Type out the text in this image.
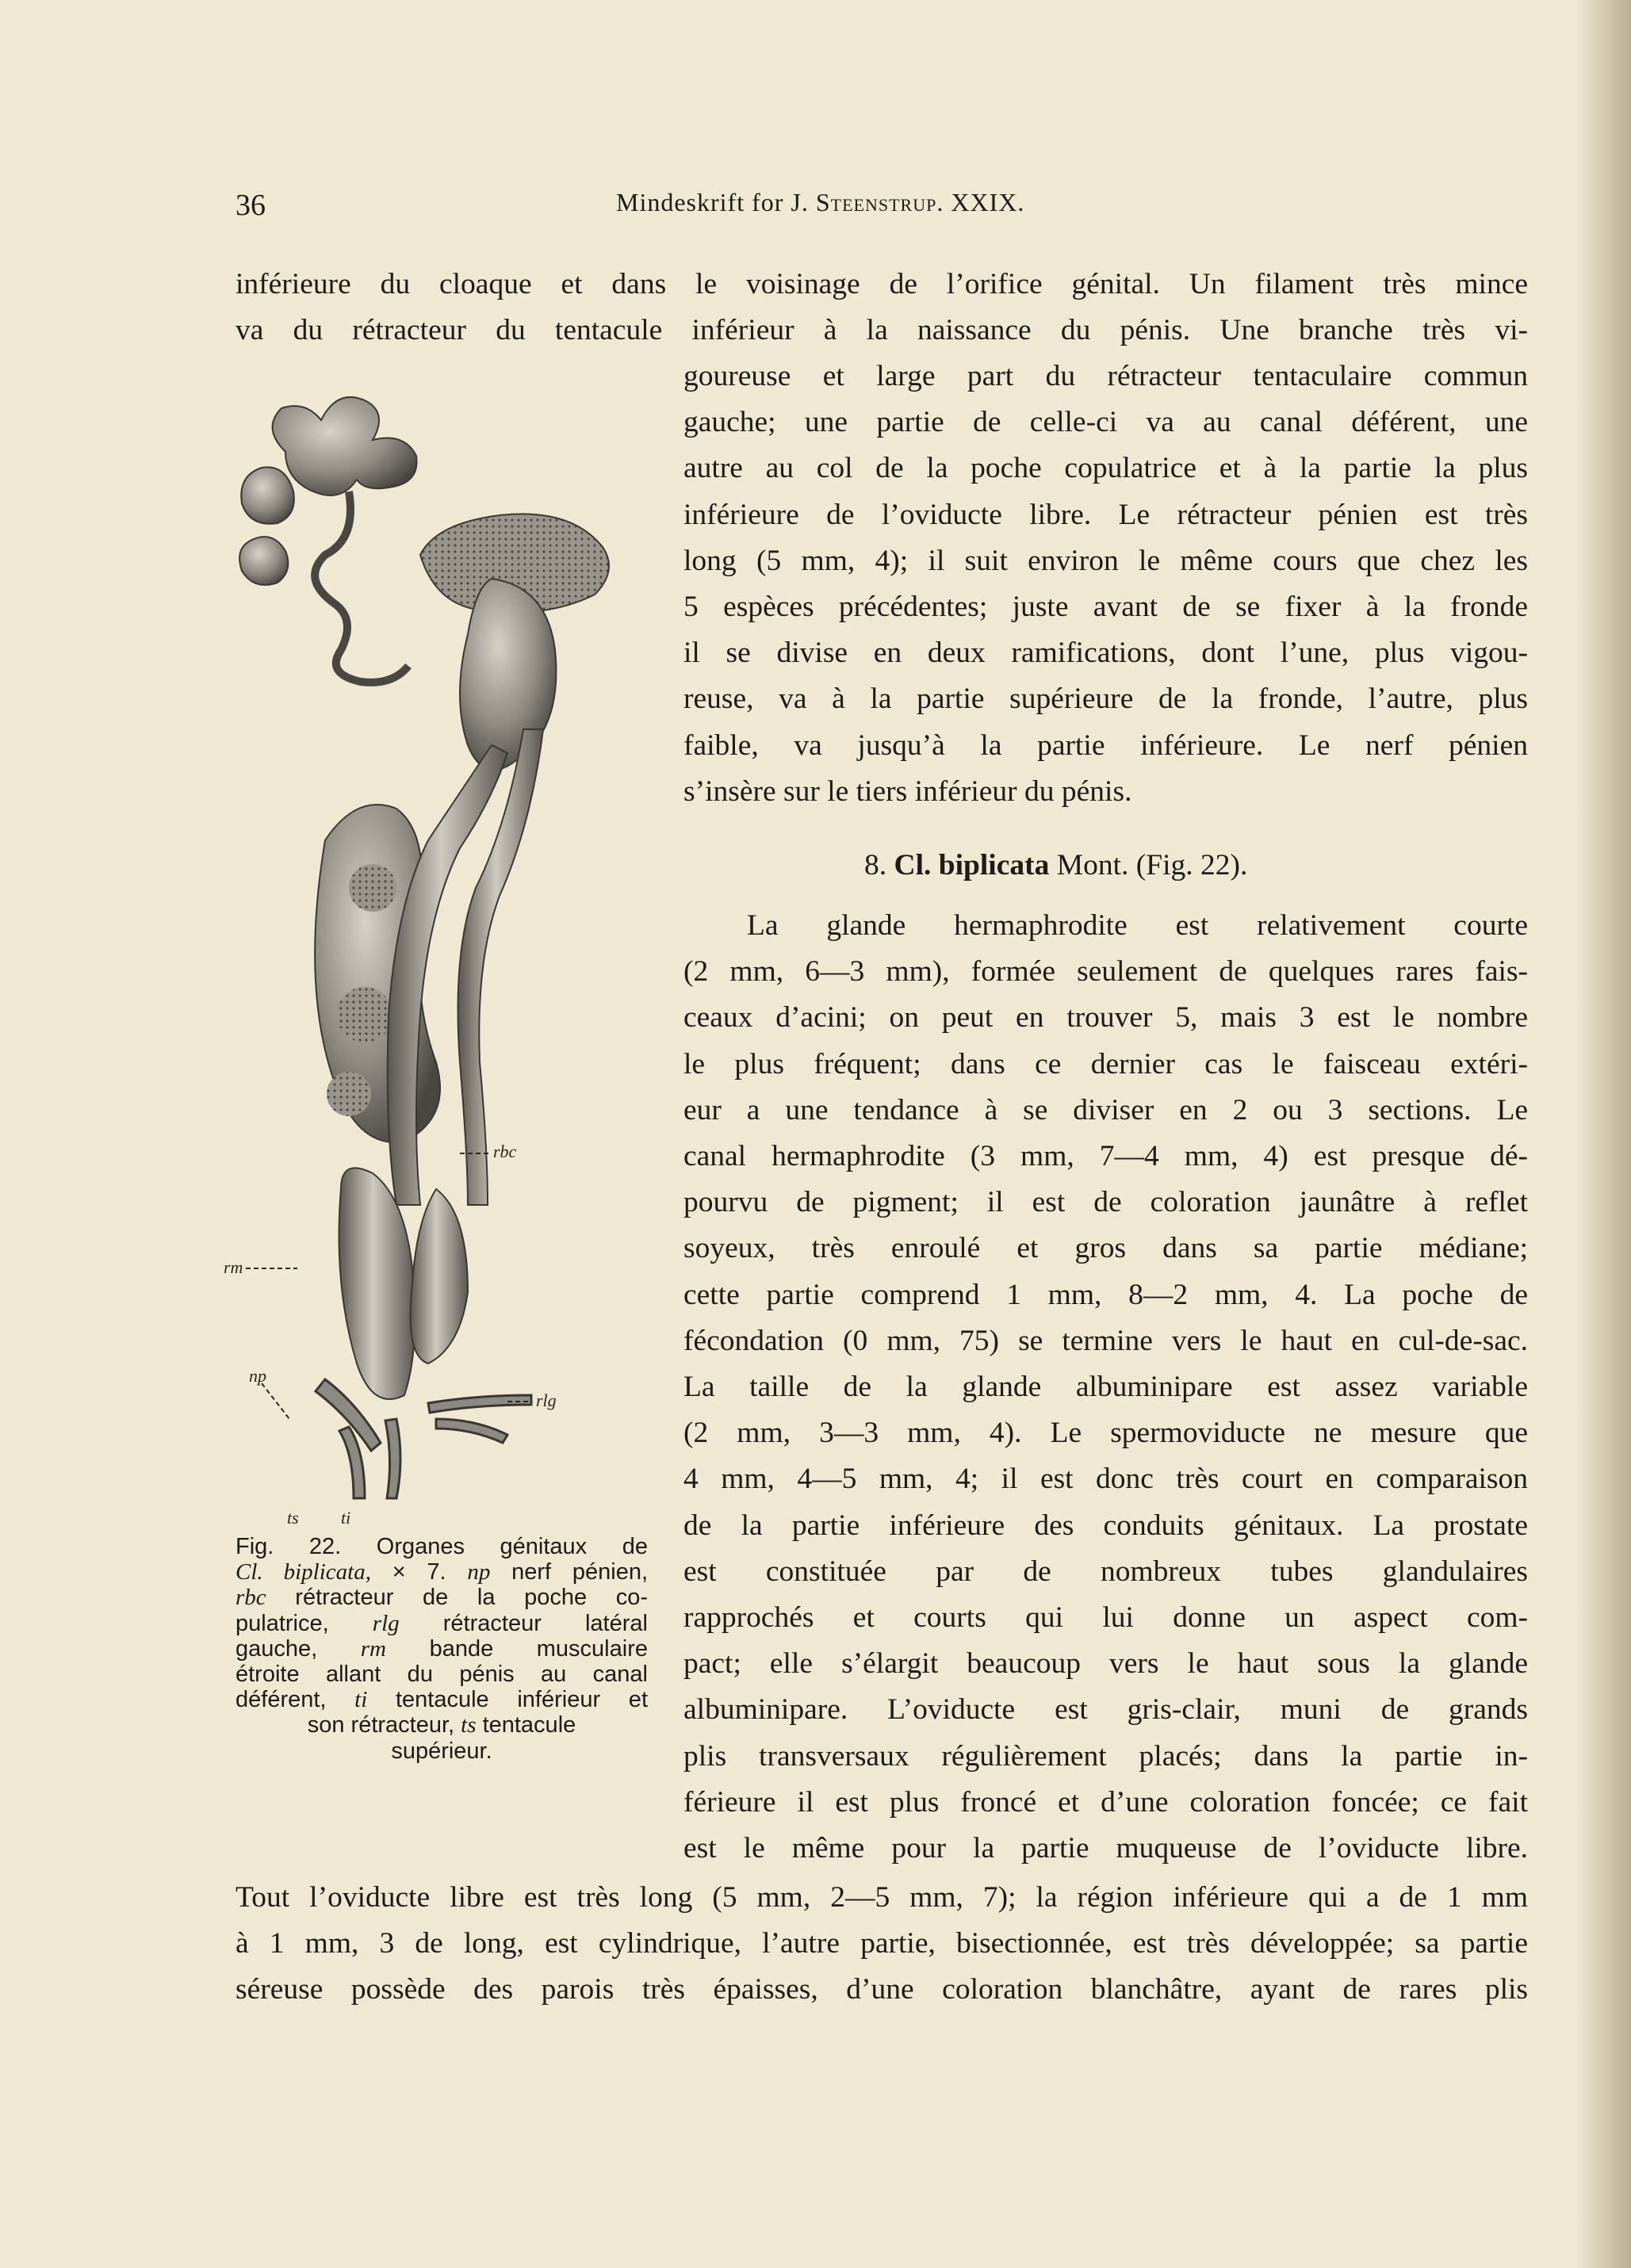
36	Mindeskrift for J. Steenstrup. XXIX.

inférieure du cloaque et dans le voisinage de l’orifice génital. Un filament très mince
va du rétracteur du tentacule inférieur à la naissance du pénis. Une branche très vi-

goureuse et large part du rétracteur tentaculaire commun
gauche; une partie de celle-ci va au canal déférent, une
autre au col de la poche copulatrice et à la partie la plus
inférieure de l’oviducte libre. Le rétracteur pénien est très
long (5 mm, 4); il suit environ le même cours que chez les
5 espèces précédentes; juste avant de se fixer à la fronde
il se divise en deux ramifications, dont l’une, plus vigou-
reuse, va à la partie supérieure de la fronde, l’autre, plus
faible, va jusqu’à la partie inférieure. Le nerf pénien
s’insère sur le tiers inférieur du pénis.

8. Cl. biplicata Mont. (Fig. 22).

La glande hermaphrodite est relativement courte
(2 mm, 6—3 mm), formée seulement de quelques rares fais-
ceaux d’acini; on peut en trouver 5, mais 3 est le nombre
le plus fréquent; dans ce dernier cas le faisceau extéri-
eur a une tendance à se diviser en 2 ou 3 sections. Le
canal hermaphrodite (3 mm, 7—4 mm, 4) est presque dé-
pourvu de pigment; il est de coloration jaunâtre à reflet
soyeux, très enroulé et gros dans sa partie médiane;
cette partie comprend 1 mm, 8—2 mm, 4. La poche de
fécondation (0 mm, 75) se termine vers le haut en cul-de-sac.
La taille de la glande albuminipare est assez variable
(2 mm, 3—3 mm, 4). Le spermoviducte ne mesure que
4 mm, 4—5 mm, 4; il est donc très court en comparaison
de la partie inférieure des conduits génitaux. La prostate
est constituée par de nombreux tubes glandulaires
rapprochés et courts qui lui donne un aspect com-
pact; elle s’élargit beaucoup vers le haut sous la glande
albuminipare. L’oviducte est gris-clair, muni de grands
plis transversaux régulièrement placés; dans la partie in-
férieure il est plus froncé et d’une coloration foncée; ce fait
est le même pour la partie muqueuse de l’oviducte libre.

Tout l’oviducte libre est très long (5 mm, 2—5 mm, 7); la région inférieure qui a de 1 mm
à 1 mm, 3 de long, est cylindrique, l’autre partie, bisectionnée, est très développée; sa partie
séreuse possède des parois très épaisses, d’une coloration blanchâtre, ayant de rares plis

rbc
rm
np
rlg
ts ti
Fig. 22. Organes génitaux de
Cl. biplicata, × 7. np nerf pénien,
rbc rétracteur de la poche co-
pulatrice, rlg rétracteur latéral
gauche, rm bande musculaire
étroite allant du pénis au canal
déférent, ti tentacule inférieur et
son rétracteur, ts tentacule
supérieur.
